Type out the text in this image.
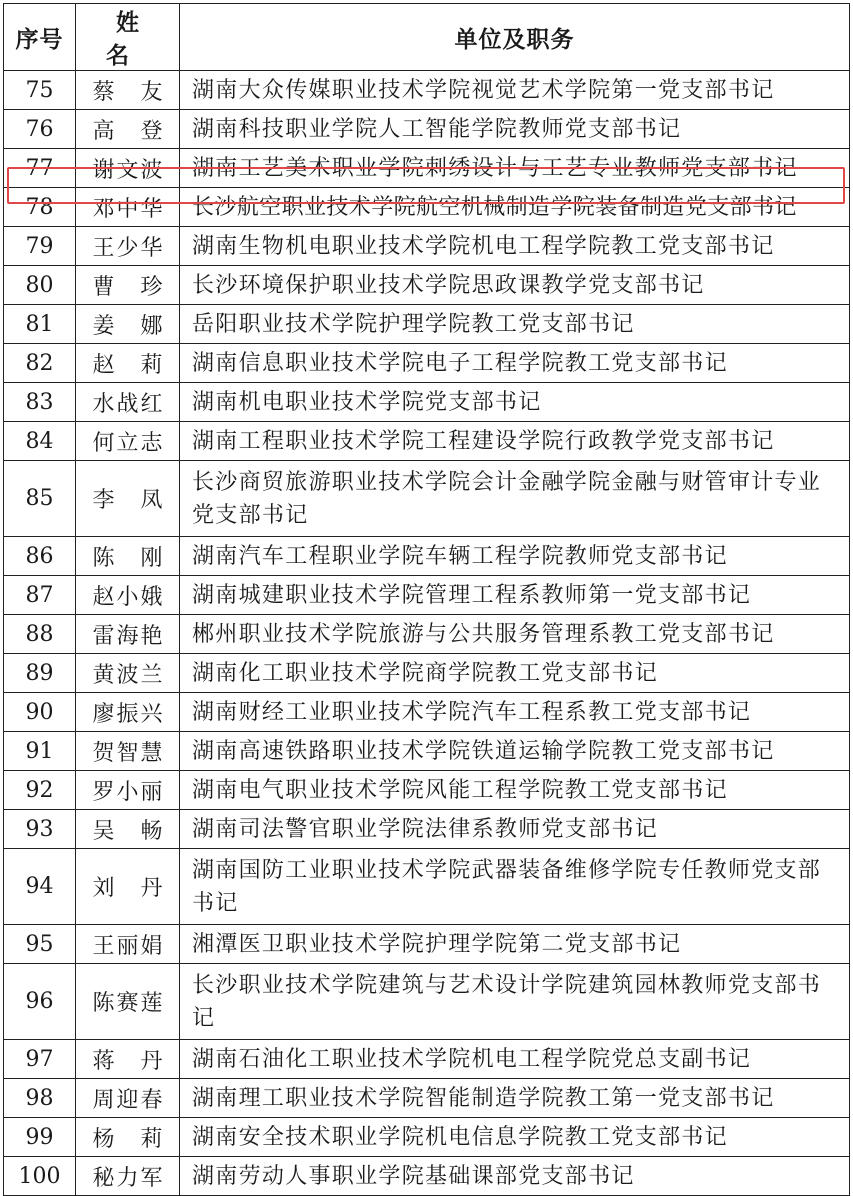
序号	姓 名	单位及职务
75	蔡友	湖南大众传媒职业技术学院视觉艺术学院第一党支部书记
76	高登	湖南科技职业学院人工智能学院教师党支部书记
77	谢文波	湖南工艺美术职业学院刺绣设计与工艺专业教师党支部书记
78	邓中华	长沙航空职业技术学院航空机械制造学院装备制造党支部书记
79	王少华	湖南生物机电职业技术学院机电工程学院教工党支部书记
80	曹珍	长沙环境保护职业技术学院思政课教学党支部书记
81	姜娜	岳阳职业技术学院护理学院教工党支部书记
82	赵莉	湖南信息职业技术学院电子工程学院教工党支部书记
83	水战红	湖南机电职业技术学院党支部书记
84	何立志	湖南工程职业技术学院工程建设学院行政教学党支部书记
85	李凤	长沙商贸旅游职业技术学院会计金融学院金融与财管审计专业党支部书记
86	陈刚	湖南汽车工程职业学院车辆工程学院教师党支部书记
87	赵小娥	湖南城建职业技术学院管理工程系教师第一党支部书记
88	雷海艳	郴州职业技术学院旅游与公共服务管理系教工党支部书记
89	黄波兰	湖南化工职业技术学院商学院教工党支部书记
90	廖振兴	湖南财经工业职业技术学院汽车工程系教工党支部书记
91	贺智慧	湖南高速铁路职业技术学院铁道运输学院教工党支部书记
92	罗小丽	湖南电气职业技术学院风能工程学院教工党支部书记
93	吴畅	湖南司法警官职业学院法律系教师党支部书记
94	刘丹	湖南国防工业职业技术学院武器装备维修学院专任教师党支部书记
95	王丽娟	湘潭医卫职业技术学院护理学院第二党支部书记
96	陈赛莲	长沙职业技术学院建筑与艺术设计学院建筑园林教师党支部书记
97	蒋丹	湖南石油化工职业技术学院机电工程学院党总支副书记
98	周迎春	湖南理工职业技术学院智能制造学院教工第一党支部书记
99	杨莉	湖南安全技术职业学院机电信息学院教工党支部书记
100	秘力军	湖南劳动人事职业学院基础课部党支部书记
